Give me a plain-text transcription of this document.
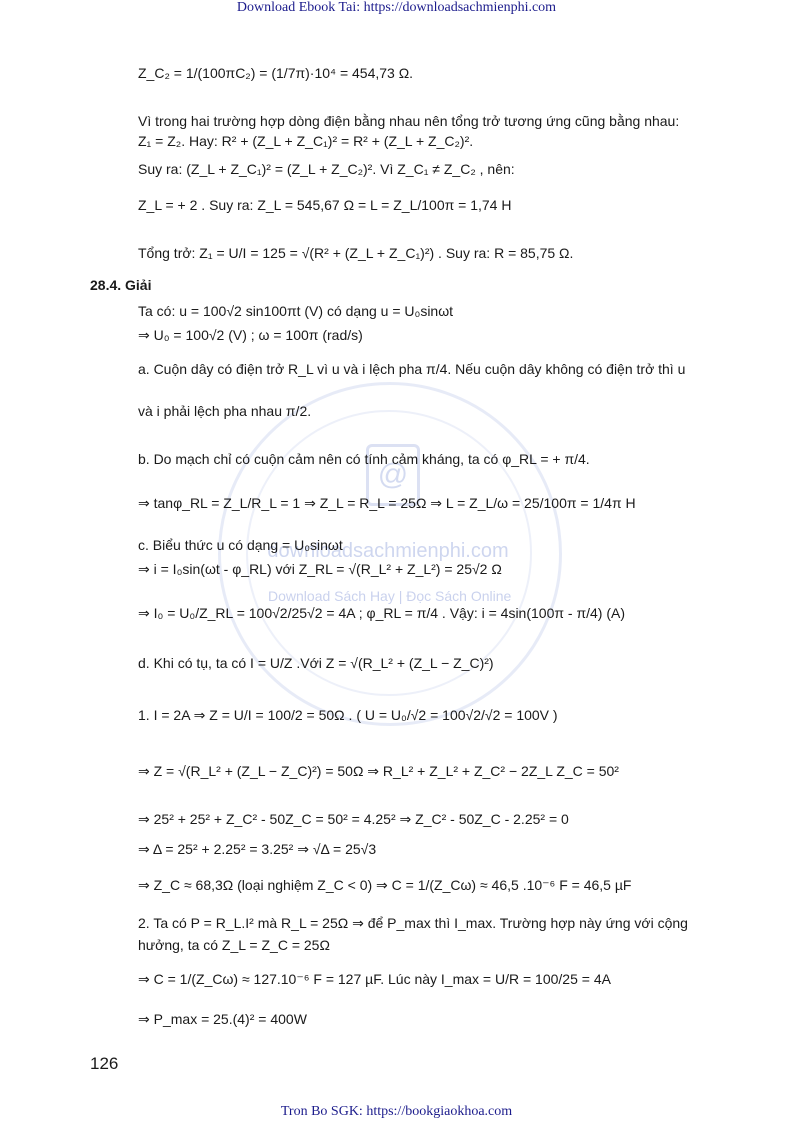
Download Ebook Tai: https://downloadsachmienphi.com
@
downloadsachmienphi.com
Download Sách Hay | Đọc Sách Online
Z_C₂ = 1/(100πC₂) = (1/7π)·10⁴ = 454,73 Ω.
Vì trong hai trường hợp dòng điện bằng nhau nên tổng trở tương ứng cũng bằng nhau:
Z₁ = Z₂. Hay: R² + (Z_L + Z_C₁)² = R² + (Z_L + Z_C₂)².
Suy ra: (Z_L + Z_C₁)² = (Z_L + Z_C₂)². Vì Z_C₁ ≠ Z_C₂ , nên:
Z_L = + 2 . Suy ra: Z_L = 545,67 Ω = L = Z_L/100π = 1,74 H
Tổng trở: Z₁ = U/I = 125 = √(R² + (Z_L + Z_C₁)²) . Suy ra: R = 85,75 Ω.
28.4. Giải
Ta có: u = 100√2 sin100πt (V) có dạng u = U₀sinωt
⇒ U₀ = 100√2 (V) ; ω = 100π (rad/s)
a. Cuộn dây có điện trở R_L vì u và i lệch pha π/4. Nếu cuộn dây không có điện trở thì u
và i phải lệch pha nhau π/2.
b. Do mạch chỉ có cuộn cảm nên có tính cảm kháng, ta có φ_RL = + π/4.
⇒ tanφ_RL = Z_L/R_L = 1 ⇒ Z_L = R_L = 25Ω ⇒ L = Z_L/ω = 25/100π = 1/4π H
c. Biểu thức u có dạng = U₀sinωt
⇒ i = I₀sin(ωt - φ_RL) với Z_RL = √(R_L² + Z_L²) = 25√2 Ω
⇒ I₀ = U₀/Z_RL = 100√2/25√2 = 4A ; φ_RL = π/4 . Vậy: i = 4sin(100π - π/4) (A)
d. Khi có tụ, ta có I = U/Z .Với Z = √(R_L² + (Z_L − Z_C)²)
1. I = 2A ⇒ Z = U/I = 100/2 = 50Ω . ( U = U₀/√2 = 100√2/√2 = 100V )
⇒ Z = √(R_L² + (Z_L − Z_C)²) = 50Ω ⇒ R_L² + Z_L² + Z_C² − 2Z_L Z_C = 50²
⇒ 25² + 25² + Z_C² - 50Z_C = 50² = 4.25² ⇒ Z_C² - 50Z_C - 2.25² = 0
⇒ Δ = 25² + 2.25² = 3.25² ⇒ √Δ = 25√3
⇒ Z_C ≈ 68,3Ω (loại nghiệm Z_C < 0) ⇒ C = 1/(Z_Cω) ≈ 46,5 .10⁻⁶ F = 46,5 µF
2. Ta có P = R_L.I² mà R_L = 25Ω ⇒ để P_max thì I_max. Trường hợp này ứng với cộng
hưởng, ta có Z_L = Z_C = 25Ω
⇒ C = 1/(Z_Cω) ≈ 127.10⁻⁶ F = 127 µF. Lúc này I_max = U/R = 100/25 = 4A
⇒ P_max = 25.(4)² = 400W
126
Tron Bo SGK: https://bookgiaokhoa.com
